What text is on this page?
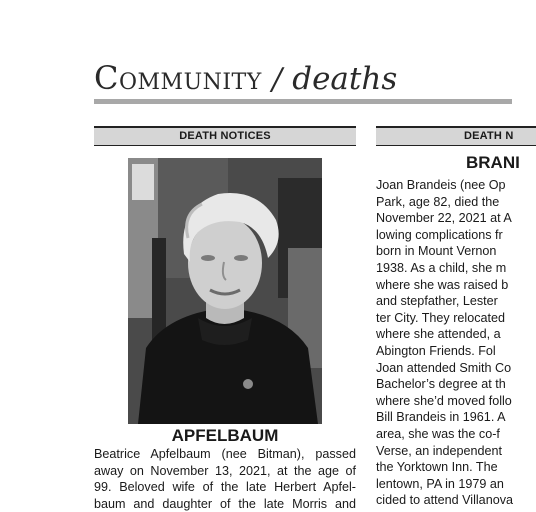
Community / deaths
DEATH NOTICES
APFELBAUM
Beatrice Apfelbaum (nee Bitman), passed
away on November 13, 2021, at the age of
99. Beloved wife of the late Herbert Apfel-
baum and daughter of the late Morris and
DEATH N
BRANI
Joan Brandeis (nee Op
Park, age 82, died the
November 22, 2021 at A
lowing complications fr
born in Mount Vernon
1938. As a child, she m
where she was raised b
and stepfather, Lester
ter City. They relocated
where she attended, a
Abington Friends. Fol
Joan attended Smith Co
Bachelor’s degree at th
where she’d moved follo
Bill Brandeis in 1961. A
area, she was the co-f
Verse, an independent
the Yorktown Inn. The
lentown, PA in 1979 an
cided to attend Villanova
